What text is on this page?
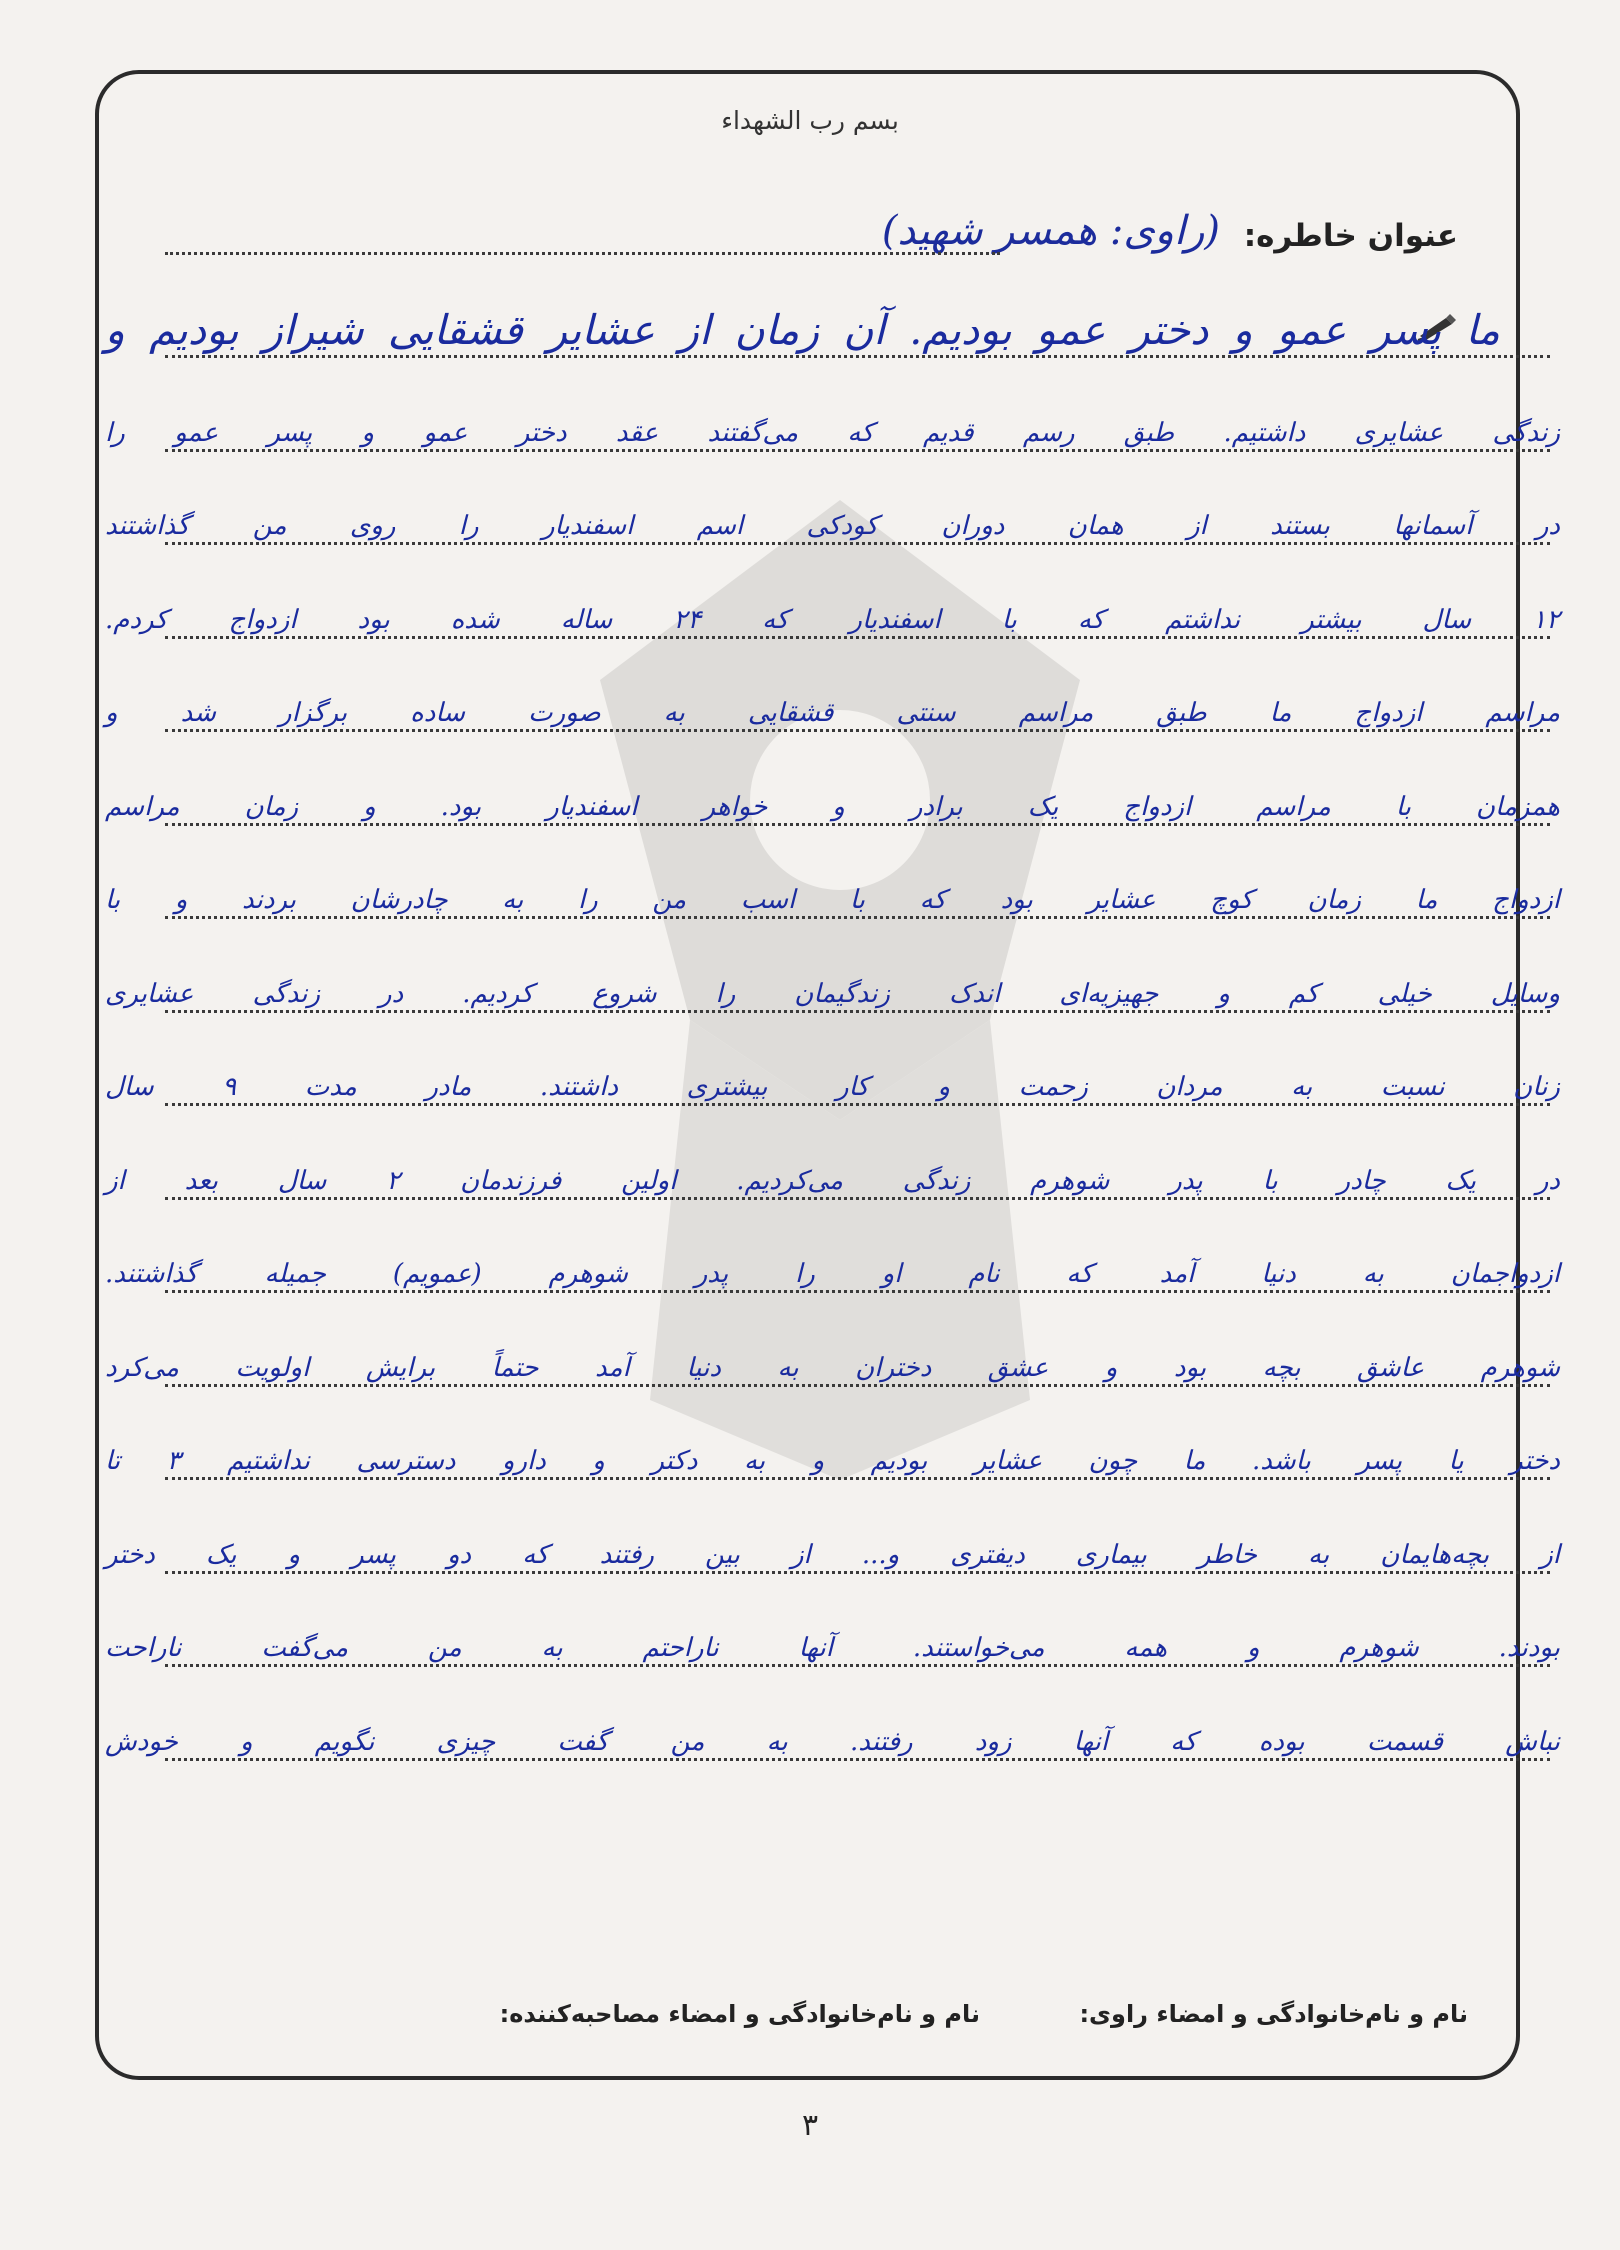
بسم رب الشهداء
عنوان خاطره:
(راوی: همسر شهید)
ما پسر عمو و دختر عمو بودیم. آن زمان از عشایر قشقایی شیراز بودیم و
زندگی عشایری داشتیم. طبق رسم قدیم که می‌گفتند عقد دختر عمو و پسر عمو را
در آسمانها بستند از همان دوران کودکی اسم اسفندیار را روی من گذاشتند
۱۲ سال بیشتر نداشتم که با اسفندیار که ۲۴ ساله شده بود ازدواج کردم.
مراسم ازدواج ما طبق مراسم سنتی قشقایی به صورت ساده برگزار شد و
همزمان با مراسم ازدواج یک برادر و خواهر اسفندیار بود. و زمان مراسم
ازدواج ما زمان کوچ عشایر بود که با اسب من را به چادرشان بردند و با
وسایل خیلی کم و جهیزیه‌ای اندک زندگیمان را شروع کردیم. در زندگی عشایری
زنان نسبت به مردان زحمت و کار بیشتری داشتند. مادر مدت ۹ سال
در یک چادر با پدر شوهرم زندگی می‌کردیم. اولین فرزندمان ۲ سال بعد از
ازدواجمان به دنیا آمد که نام او را پدر شوهرم (عمویم) جمیله گذاشتند.
شوهرم عاشق بچه بود و عشق دختران به دنیا آمد حتماً برایش اولویت می‌کرد
دختر یا پسر باشد. ما چون عشایر بودیم و به دکتر و دارو دسترسی نداشتیم ۳ تا
از بچه‌هایمان به خاطر بیماری دیفتری و... از بین رفتند که دو پسر و یک دختر
بودند. شوهرم و همه می‌خواستند. آنها ناراحتم به من می‌گفت ناراحت
نباش قسمت بوده که آنها زود رفتند. به من گفت چیزی نگویم و خودش
نام و نام‌خانوادگی و امضاء مصاحبه‌کننده:	نام و نام‌خانوادگی و امضاء راوی:
۳
